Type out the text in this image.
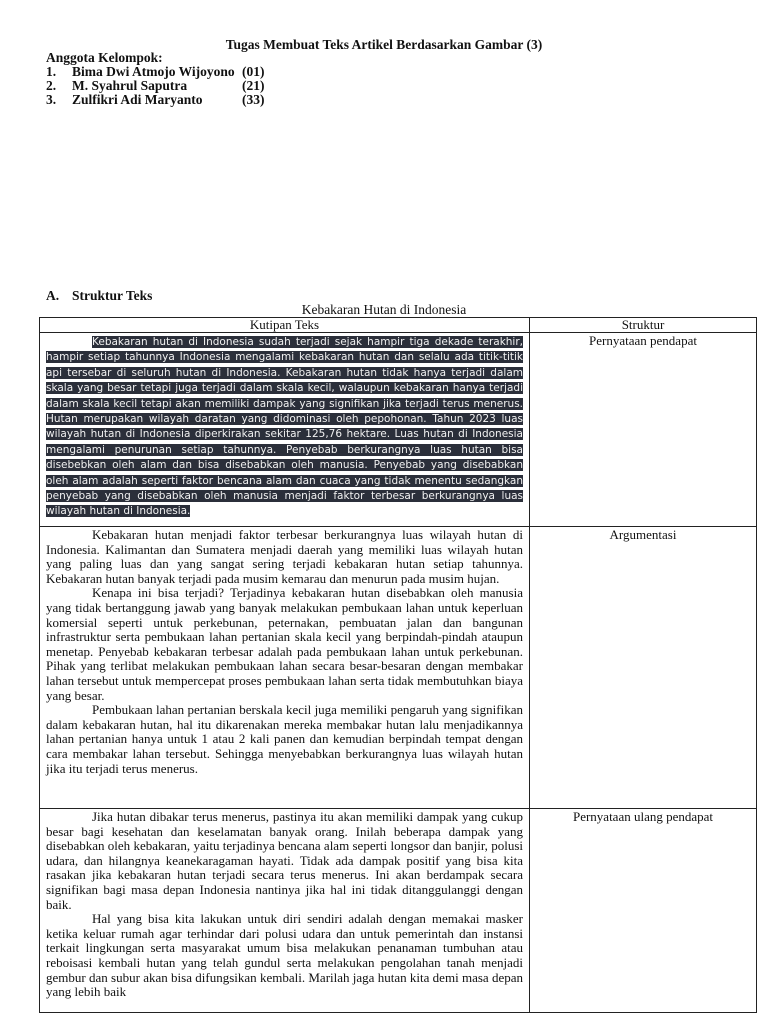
Tugas Membuat Teks Artikel Berdasarkan Gambar (3)
Anggota Kelompok:
1.	Bima Dwi Atmojo Wijoyono (01)
2.	M. Syahrul Saputra	(21)
3.	Zulfikri Adi Maryanto	(33)
A. Struktur Teks
Kebakaran Hutan di Indonesia
Kutipan Teks	Struktur

Kebakaran hutan di Indonesia sudah terjadi sejak hampir tiga dekade terakhir, hampir setiap tahunnya Indonesia mengalami kebakaran hutan dan selalu ada titik-titik api tersebar di seluruh hutan di Indonesia. Kebakaran hutan tidak hanya terjadi dalam skala yang besar tetapi juga terjadi dalam skala kecil, walaupun kebakaran hanya terjadi dalam skala kecil tetapi akan memiliki dampak yang signifikan jika terjadi terus menerus. Hutan merupakan wilayah daratan yang didominasi oleh pepohonan. Tahun 2023 luas wilayah hutan di Indonesia diperkirakan sekitar 125,76 hektare. Luas hutan di Indonesia mengalami penurunan setiap tahunnya. Penyebab berkurangnya luas hutan bisa disebebkan oleh alam dan bisa disebabkan oleh manusia. Penyebab yang disebabkan oleh alam adalah seperti faktor bencana alam dan cuaca yang tidak menentu sedangkan penyebab yang disebabkan oleh manusia menjadi faktor terbesar berkurangnya luas wilayah hutan di Indonesia.	Pernyataan pendapat

Kebakaran hutan menjadi faktor terbesar berkurangnya luas wilayah hutan di Indonesia. Kalimantan dan Sumatera menjadi daerah yang memiliki luas wilayah hutan yang paling luas dan yang sangat sering terjadi kebakaran hutan setiap tahunnya. Kebakaran hutan banyak terjadi pada musim kemarau dan menurun pada musim hujan.

Kenapa ini bisa terjadi? Terjadinya kebakaran hutan disebabkan oleh manusia yang tidak bertanggung jawab yang banyak melakukan pembukaan lahan untuk keperluan komersial seperti untuk perkebunan, peternakan, pembuatan jalan dan bangunan infrastruktur serta pembukaan lahan pertanian skala kecil yang berpindah-pindah ataupun menetap. Penyebab kebakaran terbesar adalah pada pembukaan lahan untuk perkebunan. Pihak yang terlibat melakukan pembukaan lahan secara besar-besaran dengan membakar lahan tersebut untuk mempercepat proses pembukaan lahan serta tidak membutuhkan biaya yang besar.

Pembukaan lahan pertanian berskala kecil juga memiliki pengaruh yang signifikan dalam kebakaran hutan, hal itu dikarenakan mereka membakar hutan lalu menjadikannya lahan pertanian hanya untuk 1 atau 2 kali panen dan kemudian berpindah tempat dengan cara membakar lahan tersebut. Sehingga menyebabkan berkurangnya luas wilayah hutan jika itu terjadi terus menerus.	Argumentasi

Jika hutan dibakar terus menerus, pastinya itu akan memiliki dampak yang cukup besar bagi kesehatan dan keselamatan banyak orang. Inilah beberapa dampak yang disebabkan oleh kebakaran, yaitu terjadinya bencana alam seperti longsor dan banjir, polusi udara, dan hilangnya keanekaragaman hayati. Tidak ada dampak positif yang bisa kita rasakan jika kebakaran hutan terjadi secara terus menerus. Ini akan berdampak secara signifikan bagi masa depan Indonesia nantinya jika hal ini tidak ditanggulanggi dengan baik.

Hal yang bisa kita lakukan untuk diri sendiri adalah dengan memakai masker ketika keluar rumah agar terhindar dari polusi udara dan untuk pemerintah dan instansi terkait lingkungan serta masyarakat umum bisa melakukan penanaman tumbuhan atau reboisasi kembali hutan yang telah gundul serta melakukan pengolahan tanah menjadi gembur dan subur akan bisa difungsikan kembali. Marilah jaga hutan kita demi masa depan yang lebih baik	Pernyataan ulang pendapat
